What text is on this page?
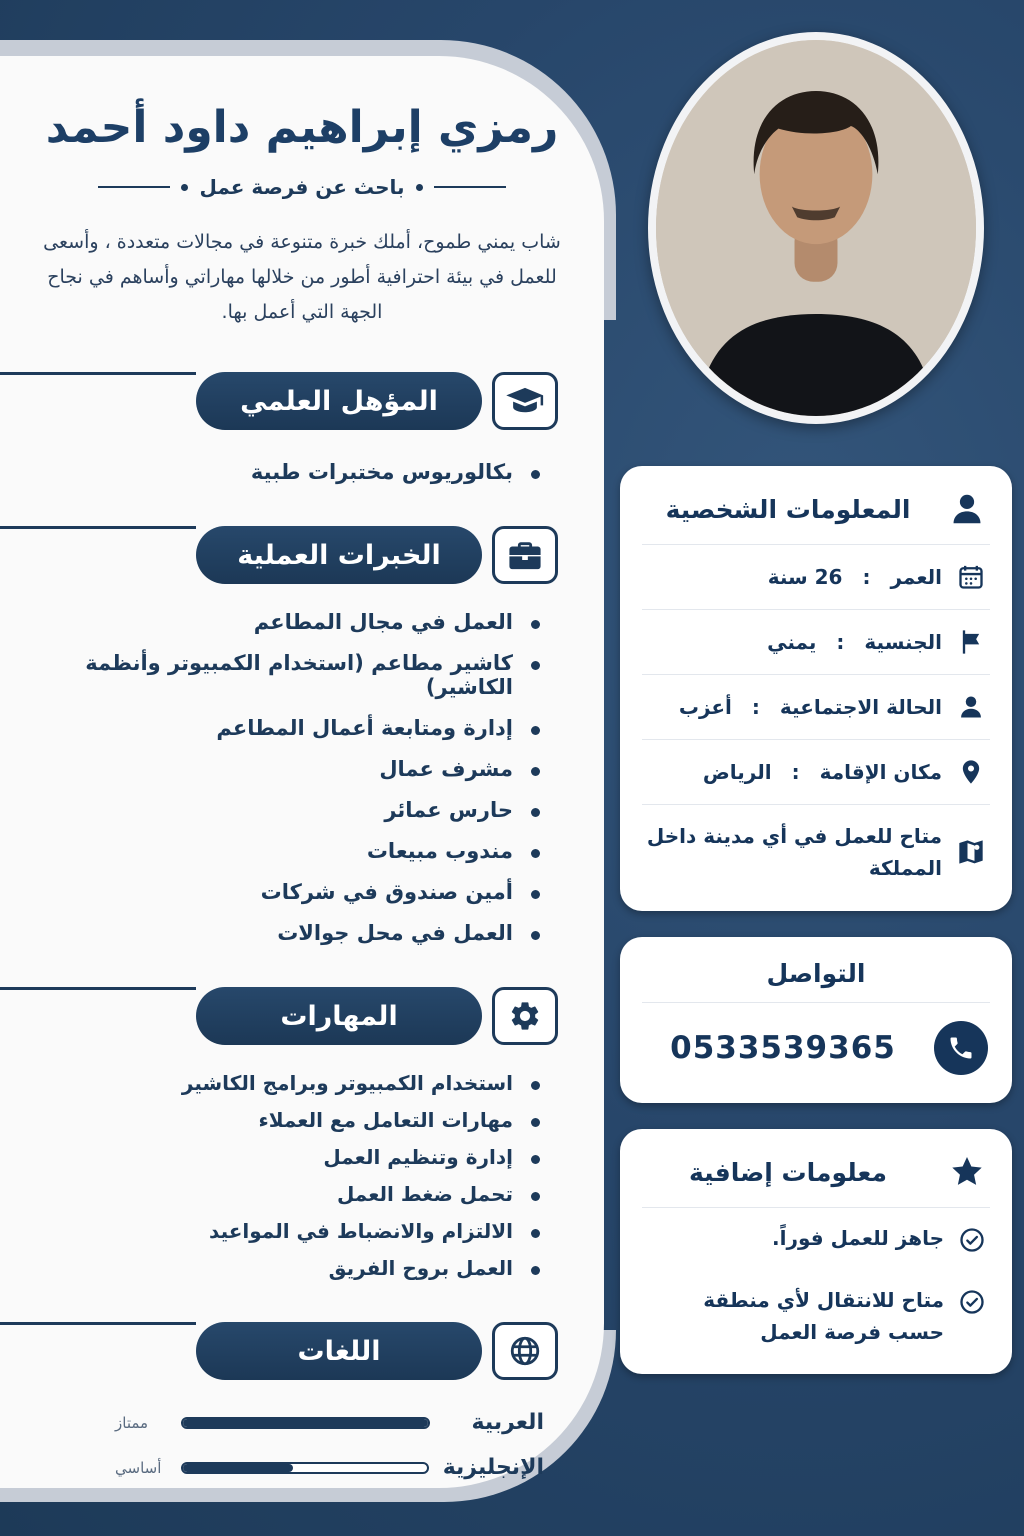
رمزي إبراهيم داود أحمد
باحث عن فرصة عمل

شاب يمني طموح، أملك خبرة متنوعة في مجالات متعددة ، وأسعى للعمل في بيئة احترافية أطور من خلالها مهاراتي وأساهم في نجاح الجهة التي أعمل بها.

المؤهل العلمي
بكالوريوس مختبرات طبية
الخبرات العملية
العمل في مجال المطاعم
كاشير مطاعم (استخدام الكمبيوتر وأنظمة الكاشير)
إدارة ومتابعة أعمال المطاعم
مشرف عمال
حارس عمائر
مندوب مبيعات
أمين صندوق في شركات
العمل في محل جوالات
المهارات
استخدام الكمبيوتر وبرامج الكاشير
مهارات التعامل مع العملاء
إدارة وتنظيم العمل
تحمل ضغط العمل
الالتزام والانضباط في المواعيد
العمل بروح الفريق
اللغات
العربية
ممتاز
الإنجليزية
أساسي
المعلومات الشخصية
العمر
:
26 سنة
الجنسية
:
يمني
الحالة الاجتماعية
:
أعزب
مكان الإقامة
:
الرياض
متاح للعمل في أي مدينة داخل المملكة
التواصل
0533539365
معلومات إضافية
جاهز للعمل فوراً.
متاح للانتقال لأي منطقة حسب فرصة العمل
